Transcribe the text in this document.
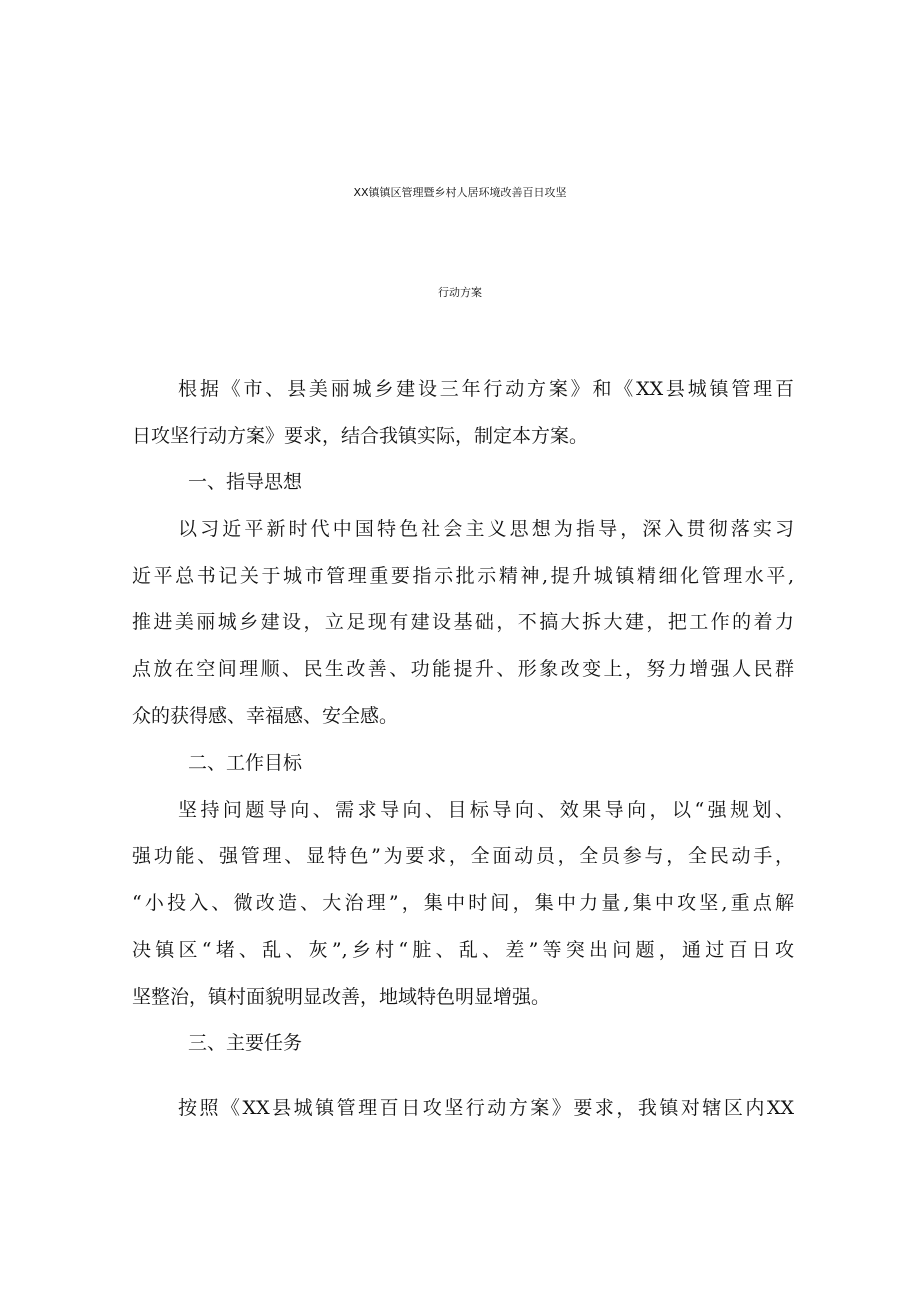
XX镇镇区管理暨乡村人居环境改善百日攻坚
行动方案
根据《市、县美丽城乡建设三年行动方案》和《XX县城镇管理百
日攻坚行动方案》要求，结合我镇实际，制定本方案。
一、指导思想
以习近平新时代中国特色社会主义思想为指导，深入贯彻落实习
近平总书记关于城市管理重要指示批示精神,提升城镇精细化管理水平,
推进美丽城乡建设，立足现有建设基础，不搞大拆大建，把工作的着力
点放在空间理顺、民生改善、功能提升、形象改变上，努力增强人民群
众的获得感、幸福感、安全感。
二、工作目标
坚持问题导向、需求导向、目标导向、效果导向，以“强规划、
强功能、强管理、显特色”为要求，全面动员，全员参与，全民动手，
“小投入、微改造、大治理”，集中时间，集中力量,集中攻坚,重点解
决镇区“堵、乱、灰”,乡村“脏、乱、差”等突出问题，通过百日攻
坚整治，镇村面貌明显改善，地域特色明显增强。
三、主要任务
按照《XX县城镇管理百日攻坚行动方案》要求，我镇对辖区内XX
